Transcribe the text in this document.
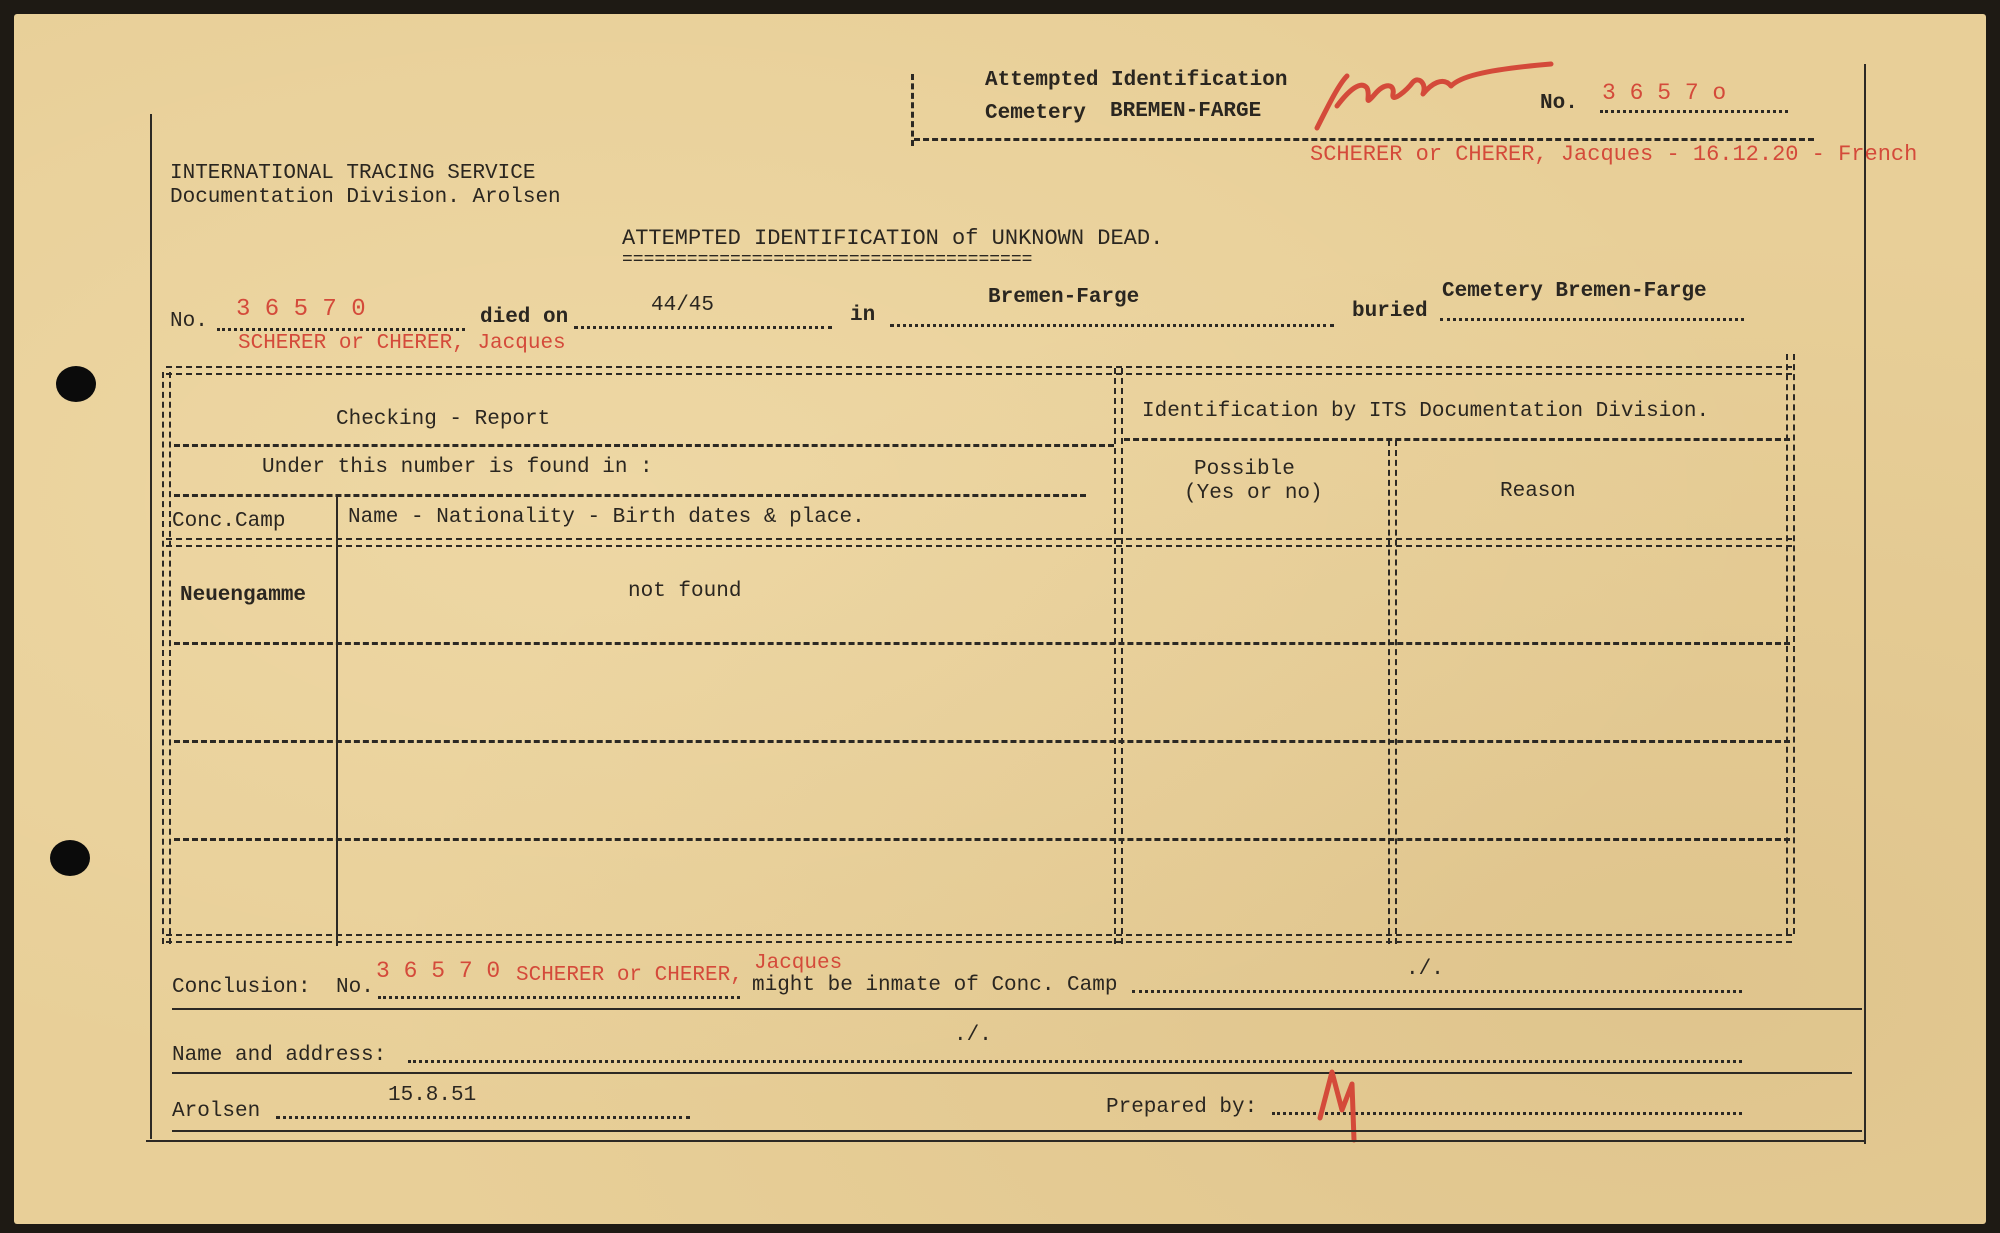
Attempted Identification
Cemetery BREMEN-FARGE	No. 3 6 5 7 o
SCHERER or CHERER, Jacques - 16.12.20 - French
INTERNATIONAL TRACING SERVICE
Documentation Division. Arolsen
ATTEMPTED IDENTIFICATION of UNKNOWN DEAD.
======================================
No. 3 6 5 7 0	died on
44/45	in
Bremen-Farge
buried
Cemetery Bremen-Farge
SCHERER or CHERER, Jacques
Checking - Report	Identification by ITS Documentation Division.
Under this number is found in :
Conc.Camp	Name - Nationality - Birth dates & place.
Possible
(Yes or no)	Reason
Neuengamme	not found
Conclusion: No.
3 6 5 7 0 SCHERER or CHERER,
Jacques
might be inmate of Conc. Camp
./.
Name and address:
./.
Arolsen
15.8.51
Prepared by:
